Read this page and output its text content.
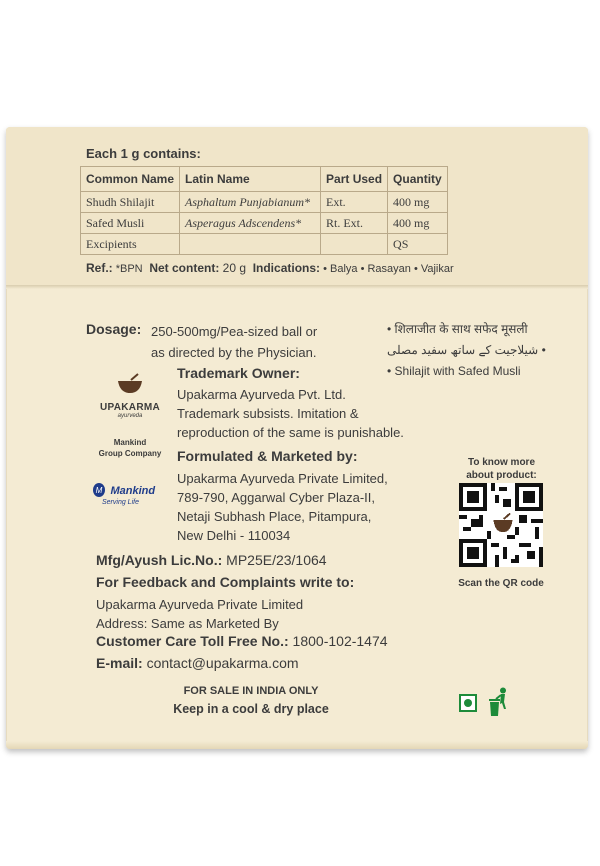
Each 1 g contains:
Common Name	Latin Name	Part Used	Quantity
Shudh Shilajit	Asphaltum Punjabianum*	Ext.	400 mg
Safed Musli	Asperagus Adscendens*	Rt. Ext.	400 mg
Excipients			QS
Ref.: *BPN Net content: 20 g Indications: • Balya • Rasayan • Vajikar
Dosage: 250-500mg/Pea-sized ball or
as directed by the Physician.
• शिलाजीत के साथ सफेद मूसली
شیلاجیت کے ساتھ سفید مصلی •
• Shilajit with Safed Musli
UPAKARMA
ayurveda
Mankind
Group Company
M Mankind
Serving Life
Trademark Owner:
Upakarma Ayurveda Pvt. Ltd.
Trademark subsists. Imitation &
reproduction of the same is punishable.
Formulated & Marketed by:
Upakarma Ayurveda Private Limited,
789-790, Aggarwal Cyber Plaza-II,
Netaji Subhash Place, Pitampura,
New Delhi - 110034
To know more
about product:
Scan the QR code
Mfg/Ayush Lic.No.: MP25E/23/1064
For Feedback and Complaints write to:
Upakarma Ayurveda Private Limited
Address: Same as Marketed By
Customer Care Toll Free No.: 1800-102-1474
E-mail: contact@upakarma.com
FOR SALE IN INDIA ONLY
Keep in a cool & dry place
